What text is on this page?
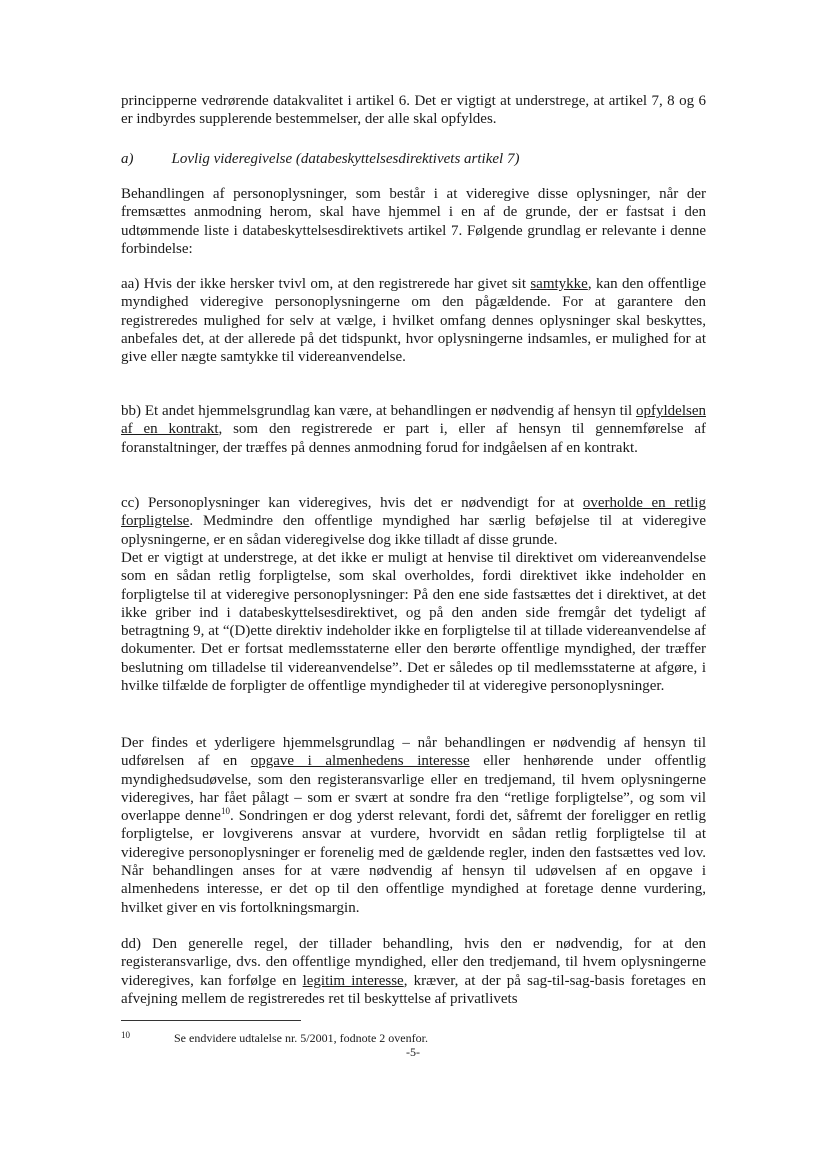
principperne vedrørende datakvalitet i artikel 6. Det er vigtigt at understrege, at artikel 7, 8 og 6 er indbyrdes supplerende bestemmelser, der alle skal opfyldes.

a)	Lovlig videregivelse (databeskyttelsesdirektivets artikel 7)

Behandlingen af personoplysninger, som består i at videregive disse oplysninger, når der fremsættes anmodning herom, skal have hjemmel i en af de grunde, der er fastsat i den udtømmende liste i databeskyttelsesdirektivets artikel 7. Følgende grundlag er relevante i denne forbindelse:

aa) Hvis der ikke hersker tvivl om, at den registrerede har givet sit samtykke, kan den offentlige myndighed videregive personoplysningerne om den pågældende. For at garantere den registreredes mulighed for selv at vælge, i hvilket omfang dennes oplysninger skal beskyttes, anbefales det, at der allerede på det tidspunkt, hvor oplysningerne indsamles, er mulighed for at give eller nægte samtykke til videreanvendelse.

bb) Et andet hjemmelsgrundlag kan være, at behandlingen er nødvendig af hensyn til opfyldelsen af en kontrakt, som den registrerede er part i, eller af hensyn til gennemførelse af foranstaltninger, der træffes på dennes anmodning forud for indgåelsen af en kontrakt.

cc) Personoplysninger kan videregives, hvis det er nødvendigt for at overholde en retlig forpligtelse. Medmindre den offentlige myndighed har særlig beføjelse til at videregive oplysningerne, er en sådan videregivelse dog ikke tilladt af disse grunde.

Det er vigtigt at understrege, at det ikke er muligt at henvise til direktivet om videreanvendelse som en sådan retlig forpligtelse, som skal overholdes, fordi direktivet ikke indeholder en forpligtelse til at videregive personoplysninger: På den ene side fastsættes det i direktivet, at det ikke griber ind i databeskyttelsesdirektivet, og på den anden side fremgår det tydeligt af betragtning 9, at “(D)ette direktiv indeholder ikke en forpligtelse til at tillade videreanvendelse af dokumenter. Det er fortsat medlemsstaterne eller den berørte offentlige myndighed, der træffer beslutning om tilladelse til videreanvendelse”. Det er således op til medlemsstaterne at afgøre, i hvilke tilfælde de forpligter de offentlige myndigheder til at videregive personoplysninger.

Der findes et yderligere hjemmelsgrundlag – når behandlingen er nødvendig af hensyn til udførelsen af en opgave i almenhedens interesse eller henhørende under offentlig myndighedsudøvelse, som den registeransvarlige eller en tredjemand, til hvem oplysningerne videregives, har fået pålagt – som er svært at sondre fra den “retlige forpligtelse”, og som vil overlappe denne$^{10}$. Sondringen er dog yderst relevant, fordi det, såfremt der foreligger en retlig forpligtelse, er lovgiverens ansvar at vurdere, hvorvidt en sådan retlig forpligtelse til at videregive personoplysninger er forenelig med de gældende regler, inden den fastsættes ved lov. Når behandlingen anses for at være nødvendig af hensyn til udøvelsen af en opgave i almenhedens interesse, er det op til den offentlige myndighed at foretage denne vurdering, hvilket giver en vis fortolkningsmargin.

dd) Den generelle regel, der tillader behandling, hvis den er nødvendig, for at den registeransvarlige, dvs. den offentlige myndighed, eller den tredjemand, til hvem oplysningerne videregives, kan forfølge en legitim interesse, kræver, at der på sag-til-sag-basis foretages en afvejning mellem de registreredes ret til beskyttelse af privatlivets

10	Se endvidere udtalelse nr. 5/2001, fodnote 2 ovenfor.
-5-
